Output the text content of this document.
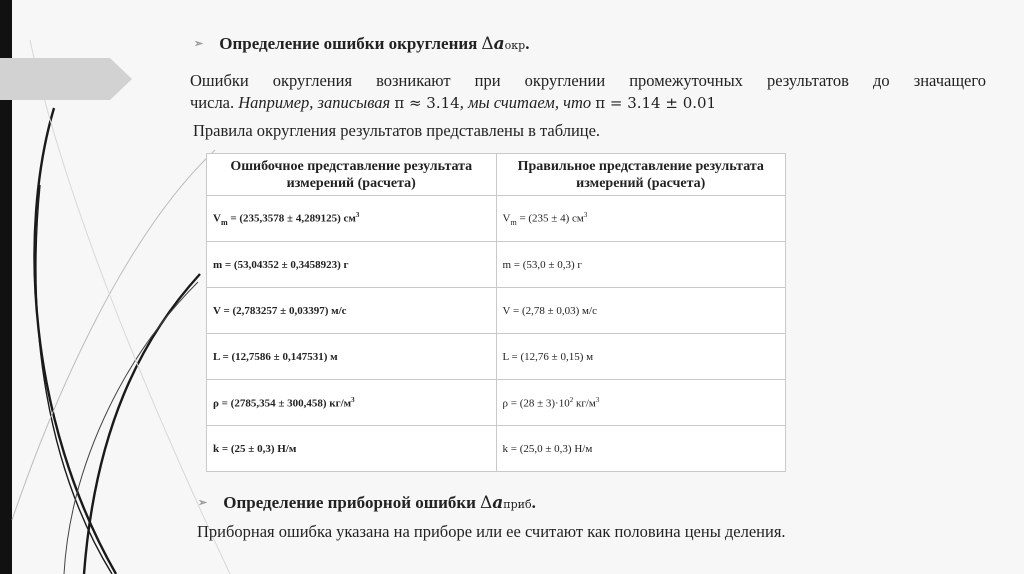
➢ Определение ошибки округления Δ a окр .
Ошибки округления возникают при округлении промежуточных результатов до значащего
числа. Например, записывая π ≈ 3.14, мы считаем, что π = 3.14 ± 0.01
Правила округления результатов представлены в таблице.
Ошибочное представление результата измерений (расчета)	Правильное представление результата измерений (расчета)
$V_m = (235,3578 \pm 4,289125)$ $см^3$	$V_m = (235 \pm 4)$ $см^3$
m = (53,04352 ± 0,3458923) г	m = (53,0 ± 0,3) г
V = (2,783257 ± 0,03397) м/с	V = (2,78 ± 0,03) м/с
L = (12,7586 ± 0,147531) м	L = (12,76 ± 0,15) м
ρ = (2785,354 ± 300,458) $кг/м^3$	$\rho = (28 \pm 3)\cdot 10^2$ $кг/м^3$
k = (25 ± 0,3) Н/м	k = (25,0 ± 0,3) Н/м
➢ Определение приборной ошибки Δ a приб .
Приборная ошибка указана на приборе или ее считают как половина цены деления.
